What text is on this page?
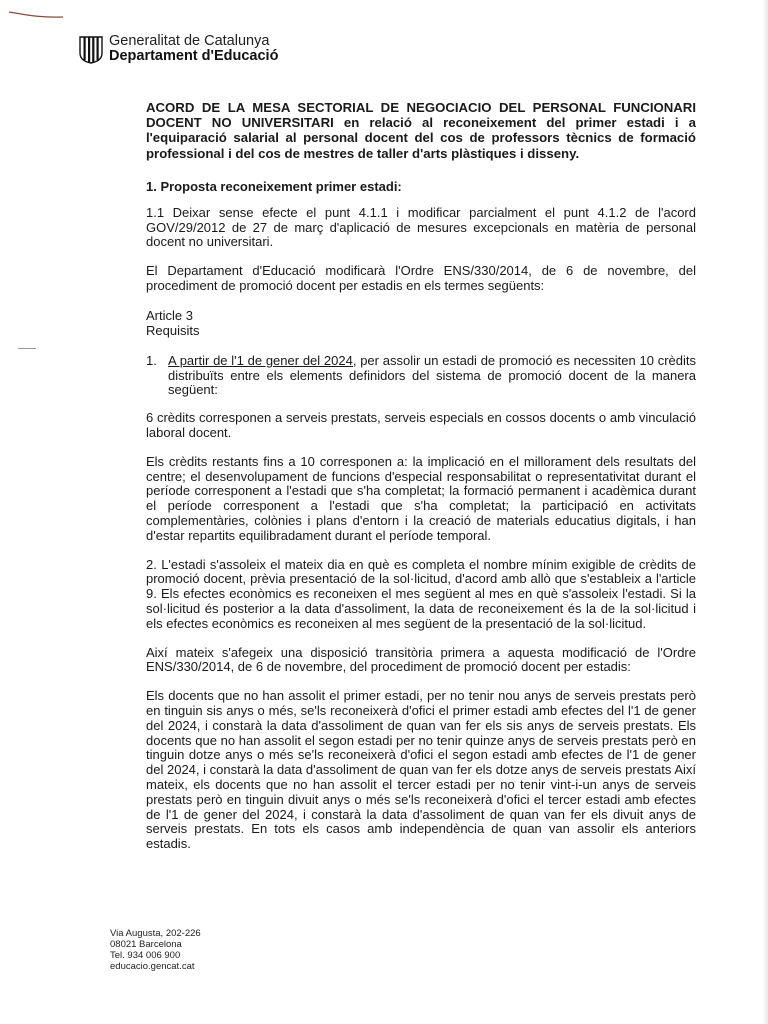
Generalitat de Catalunya
Departament d'Educació
ACORD DE LA MESA SECTORIAL DE NEGOCIACIO DEL PERSONAL FUNCIONARI DOCENT NO UNIVERSITARI en relació al reconeixement del primer estadi i a l'equiparació salarial al personal docent del cos de professors tècnics de formació professional i del cos de mestres de taller d'arts plàstiques i disseny.
1. Proposta reconeixement primer estadi:

1.1 Deixar sense efecte el punt 4.1.1 i modificar parcialment el punt 4.1.2 de l'acord GOV/29/2012 de 27 de març d'aplicació de mesures excepcionals en matèria de personal docent no universitari.

El Departament d'Educació modificarà l'Ordre ENS/330/2014, de 6 de novembre, del procediment de promoció docent per estadis en els termes següents:

Article 3
Requisits
1. A partir de l'1 de gener del 2024, per assolir un estadi de promoció es necessiten 10 crèdits distribuïts entre els elements definidors del sistema de promoció docent de la manera següent:

6 crèdits corresponen a serveis prestats, serveis especials en cossos docents o amb vinculació laboral docent.

Els crèdits restants fins a 10 corresponen a: la implicació en el milloramen‍t dels resultats del centre; el desenvolupament de funcions d'especial responsabilitat o representativitat durant el període corresponent a l'estadi que s'ha completat; la formació permanent i acadèmica durant el període corresponent a l'estadi que s'ha completat; la participació en activitats complementàries, colònies i plans d'entorn i la creació de materials educatius digitals, i han d'estar repartits equilibradament durant el període temporal.

2. L'estadi s'assoleix el mateix dia en què es completa el nombre mínim exigible de crèdits de promoció docent, prèvia presentació de la sol·licitud, d'acord amb allò que s'estableix a l'article 9. Els efectes econòmics es reconeixen el mes següent al mes en què s'assoleix l'estadi. Si la sol·licitud és posterior a la data d'assoliment, la data de reconeixement és la de la sol·licitud i els efectes econòmics es reconeixen al mes següent de la presentació de la sol·licitud.

Així mateix s'afegeix una disposició transitòria primera a aquesta modificació de l'Ordre ENS/330/2014, de 6 de novembre, del procediment de promoció docent per estadis:

Els docents que no han assolit el primer estadi, per no tenir nou anys de serveis prestats però en tinguin sis anys o més, se'ls reconeixerà d'ofici el primer estadi amb efectes del l'1 de gener del 2024, i constarà la data d'assoliment de quan van fer els sis anys de serveis prestats. Els docents que no han assolit el segon estadi per no tenir quinze anys de serveis prestats però en tinguin dotze anys o més se'ls reconeixerà d'ofici el segon estadi amb efectes de l'1 de gener del 2024, i constarà la data d'assoliment de quan van fer els dotze anys de serveis prestats Així mateix, els docents que no han assolit el tercer estadi per no tenir vint-i-un anys de serveis prestats però en tinguin divuit anys o més se'ls reconeixerà d'ofici el tercer estadi amb efectes de l'1 de gener del 2024, i constarà la data d'assoliment de quan van fer els divuit anys de serveis prestats. En tots els casos amb independència de quan van assolir els anteriors estadis.

Via Augusta, 202-226
08021 Barcelona
Tel. 934 006 900
educacio.gencat.cat
